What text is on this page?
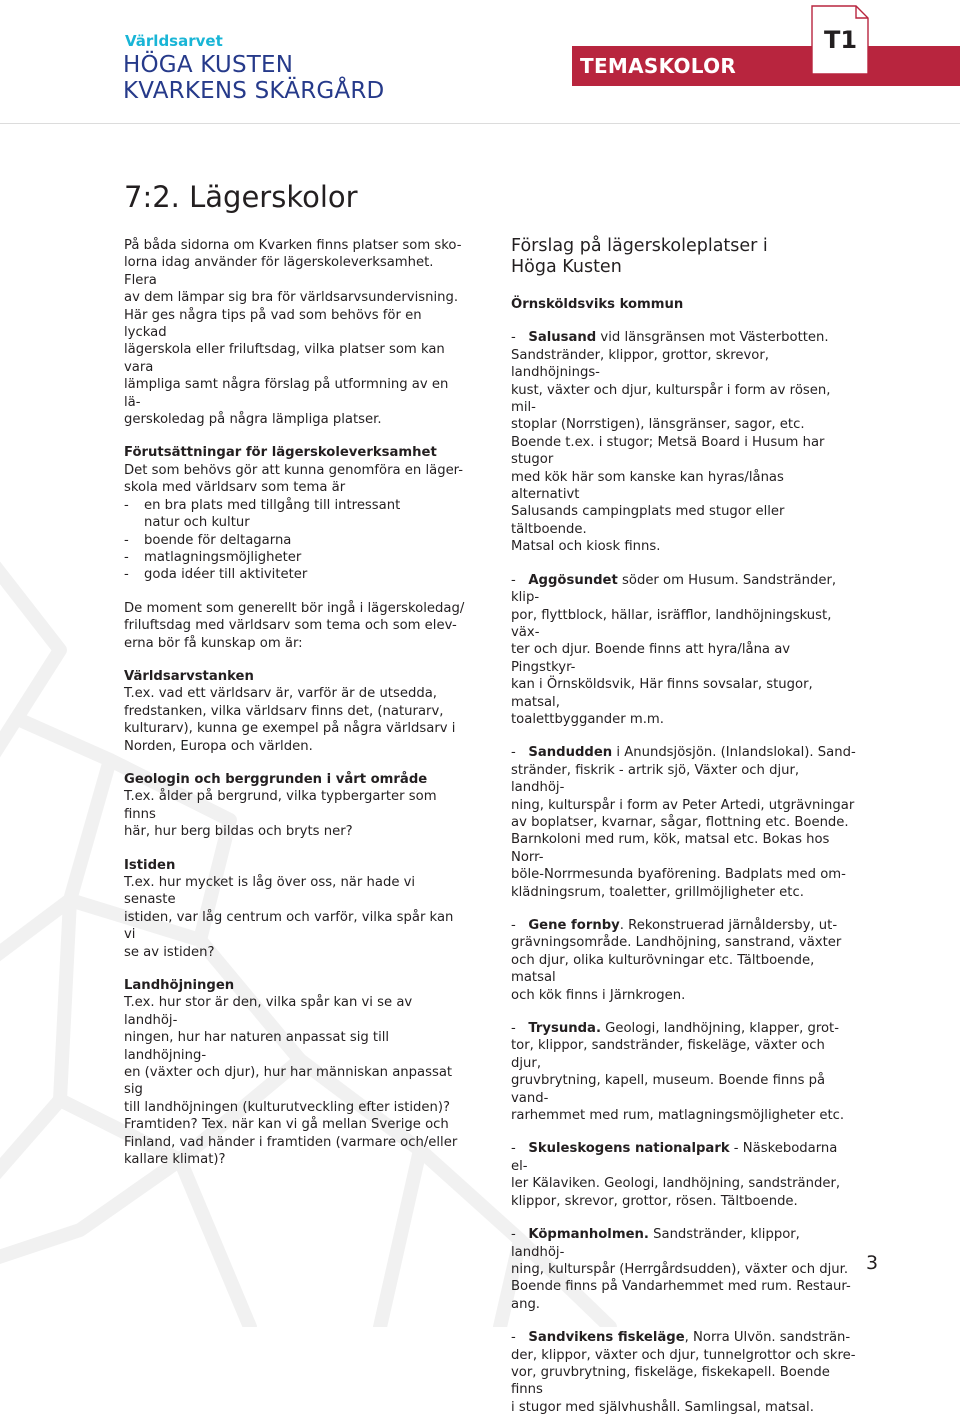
Världsarvet
HÖGA KUSTEN
KVARKENS SKÄRGÅRD
TEMASKOLOR
T1
7:2. Lägerskolor

På båda sidorna om Kvarken finns platser som sko-

lorna idag använder för lägerskoleverksamhet. Flera

av dem lämpar sig bra för världsarvsundervisning.

Här ges några tips på vad som behövs för en lyckad

lägerskola eller friluftsdag, vilka platser som kan vara

lämpliga samt några förslag på utformning av en lä-

gerskoledag på några lämpliga platser.

Förutsättningar för lägerskoleverksamhet

Det som behövs gör att kunna genomföra en läger-

skola med världsarv som tema är

-	en bra plats med tillgång till intressant

natur och kultur

-	boende för deltagarna
-	matlagningsmöjligheter
-	goda idéer till aktiviteter

De moment som generellt bör ingå i lägerskoledag/

friluftsdag med världsarv som tema och som elev-

erna bör få kunskap om är:

Världsarvstanken

T.ex. vad ett världsarv är, varför är de utsedda,

fredstanken, vilka världsarv finns det, (naturarv,

kulturarv), kunna ge exempel på några världsarv i

Norden, Europa och världen.

Geologin och berggrunden i vårt område

T.ex. ålder på bergrund, vilka typbergarter som finns

här, hur berg bildas och bryts ner?

Istiden

T.ex. hur mycket is låg över oss, när hade vi senaste

istiden, var låg centrum och varför, vilka spår kan vi

se av istiden?

Landhöjningen

T.ex. hur stor är den, vilka spår kan vi se av landhöj-

ningen, hur har naturen anpassat sig till landhöjning-

en (växter och djur), hur har människan anpassat sig

till landhöjningen (kulturutveckling efter istiden)?

Framtiden? Tex. när kan vi gå mellan Sverige och

Finland, vad händer i framtiden (varmare och/eller

kallare klimat)?

Förslag på lägerskoleplatser i
Höga Kusten

Örnsköldsviks kommun

- Salusand vid länsgränsen mot Västerbotten.

Sandstränder, klippor, grottor, skrevor, landhöjnings-

kust, växter och djur, kulturspår i form av rösen, mil-

stoplar (Norrstigen), länsgränser, sagor, etc.

Boende t.ex. i stugor; Metsä Board i Husum har stugor

med kök här som kanske kan hyras/lånas alternativt

Salusands campingplats med stugor eller tältboende.

Matsal och kiosk finns.

- Aggösundet söder om Husum. Sandstränder, klip-

por, flyttblock, hällar, isräfflor, landhöjningskust, väx-

ter och djur. Boende finns att hyra/låna av Pingstkyr-

kan i Örnsköldsvik, Här finns sovsalar, stugor, matsal,

toalettbyggander m.m.

- Sandudden i Anundsjösjön. (Inlandslokal). Sand-

stränder, fiskrik - artrik sjö, Växter och djur, landhöj-

ning, kulturspår i form av Peter Artedi, utgrävningar

av boplatser, kvarnar, sågar, flottning etc. Boende.

Barnkoloni med rum, kök, matsal etc. Bokas hos Norr-

böle-Norrmesunda byaförening. Badplats med om-

klädningsrum, toaletter, grillmöjligheter etc.

- Gene fornby. Rekonstruerad järnåldersby, ut-

grävningsområde. Landhöjning, sanstrand, växter

och djur, olika kulturövningar etc. Tältboende, matsal

och kök finns i Järnkrogen.

- Trysunda. Geologi, landhöjning, klapper, grot-

tor, klippor, sandstränder, fiskeläge, växter och djur,

gruvbrytning, kapell, museum. Boende finns på vand-

rarhemmet med rum, matlagningsmöjligheter etc.

- Skuleskogens nationalpark - Näskebodarna el-

ler Kälaviken. Geologi, landhöjning, sandstränder,

klippor, skrevor, grottor, rösen. Tältboende.

- Köpmanholmen. Sandstränder, klippor, landhöj-

ning, kulturspår (Herrgårdsudden), växter och djur.

Boende finns på Vandarhemmet med rum. Restaur-

ang.

- Sandvikens fiskeläge, Norra Ulvön. sandsträn-

der, klippor, växter och djur, tunnelgrottor och skre-

vor, gruvbrytning, fiskeläge, fiskekapell. Boende finns

i stugor med självhushåll. Samlingsal, matsal.

3
